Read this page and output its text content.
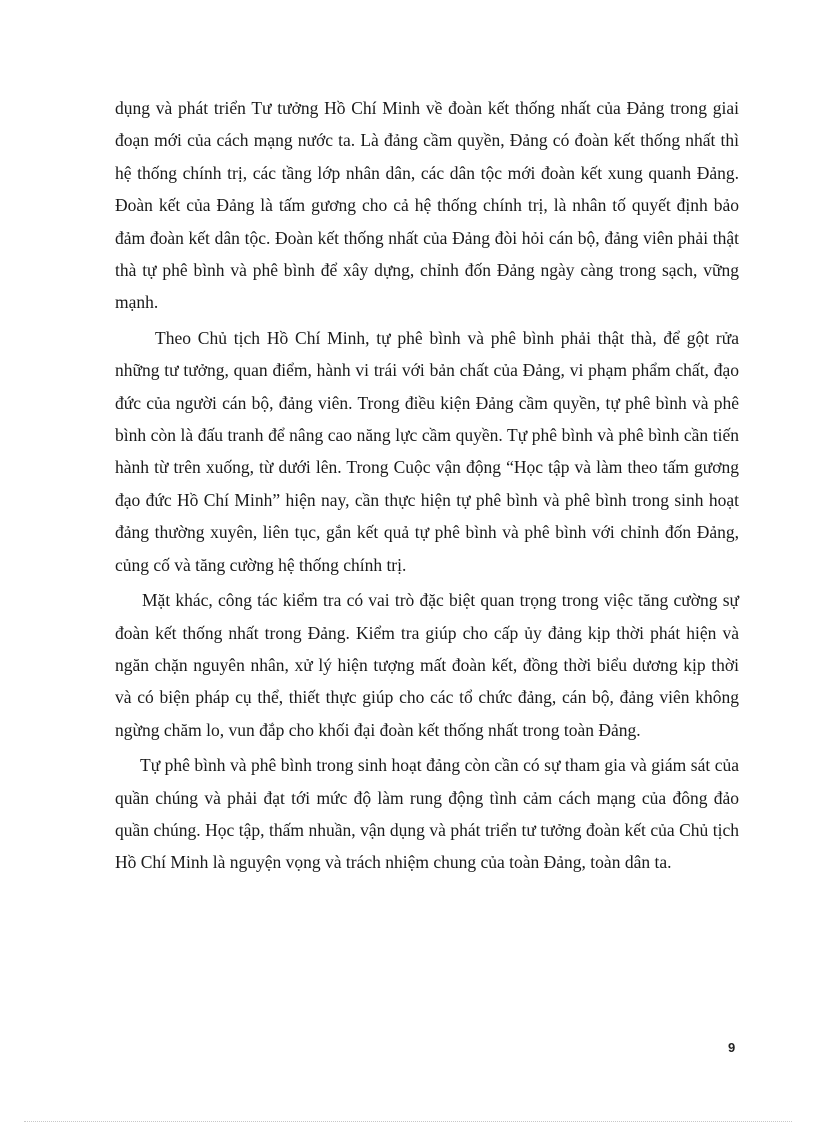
dụng và phát triển Tư tưởng Hồ Chí Minh về đoàn kết thống nhất của Đảng trong giai đoạn mới của cách mạng nước ta. Là đảng cầm quyền, Đảng có đoàn kết thống nhất thì hệ thống chính trị, các tầng lớp nhân dân, các dân tộc mới đoàn kết xung quanh Đảng. Đoàn kết của Đảng là tấm gương cho cả hệ thống chính trị, là nhân tố quyết định bảo đảm đoàn kết dân tộc. Đoàn kết thống nhất của Đảng đòi hỏi cán bộ, đảng viên phải thật thà tự phê bình và phê bình để xây dựng, chỉnh đốn Đảng ngày càng trong sạch, vững mạnh.

Theo Chủ tịch Hồ Chí Minh, tự phê bình và phê bình phải thật thà, để gột rửa những tư tưởng, quan điểm, hành vi trái với bản chất của Đảng, vi phạm phẩm chất, đạo đức của người cán bộ, đảng viên. Trong điều kiện Đảng cầm quyền, tự phê bình và phê bình còn là đấu tranh để nâng cao năng lực cầm quyền. Tự phê bình và phê bình cần tiến hành từ trên xuống, từ dưới lên. Trong Cuộc vận động “Học tập và làm theo tấm gương đạo đức Hồ Chí Minh” hiện nay, cần thực hiện tự phê bình và phê bình trong sinh hoạt đảng thường xuyên, liên tục, gắn kết quả tự phê bình và phê bình với chỉnh đốn Đảng, củng cố và tăng cường hệ thống chính trị.

Mặt khác, công tác kiểm tra có vai trò đặc biệt quan trọng trong việc tăng cường sự đoàn kết thống nhất trong Đảng. Kiểm tra giúp cho cấp ủy đảng kịp thời phát hiện và ngăn chặn nguyên nhân, xử lý hiện tượng mất đoàn kết, đồng thời biểu dương kịp thời và có biện pháp cụ thể, thiết thực giúp cho các tổ chức đảng, cán bộ, đảng viên không ngừng chăm lo, vun đắp cho khối đại đoàn kết thống nhất trong toàn Đảng.

Tự phê bình và phê bình trong sinh hoạt đảng còn cần có sự tham gia và giám sát của quần chúng và phải đạt tới mức độ làm rung động tình cảm cách mạng của đông đảo quần chúng. Học tập, thấm nhuần, vận dụng và phát triển tư tưởng đoàn kết của Chủ tịch Hồ Chí Minh là nguyện vọng và trách nhiệm chung của toàn Đảng, toàn dân ta.

9
